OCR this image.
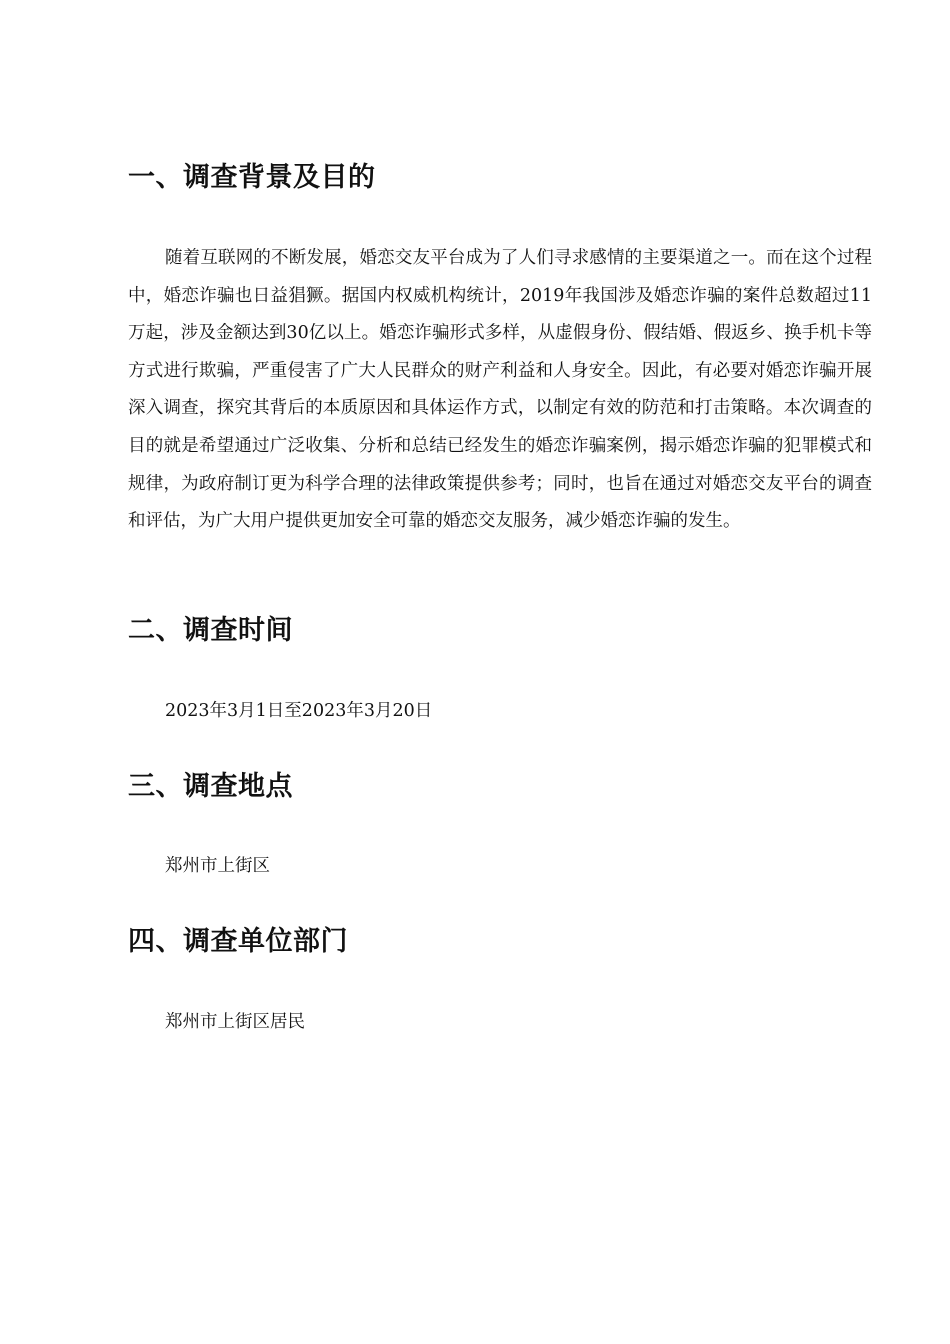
一、调查背景及目的

随着互联网的不断发展，婚恋交友平台成为了人们寻求感情的主要渠道之一。而在这个过程中，婚恋诈骗也日益猖獗。据国内权威机构统计，2019年我国涉及婚恋诈骗的案件总数超过11万起，涉及金额达到30亿以上。婚恋诈骗形式多样，从虚假身份、假结婚、假返乡、换手机卡等方式进行欺骗，严重侵害了广大人民群众的财产利益和人身安全。因此，有必要对婚恋诈骗开展深入调查，探究其背后的本质原因和具体运作方式，以制定有效的防范和打击策略。本次调查的目的就是希望通过广泛收集、分析和总结已经发生的婚恋诈骗案例，揭示婚恋诈骗的犯罪模式和规律，为政府制订更为科学合理的法律政策提供参考；同时，也旨在通过对婚恋交友平台的调查和评估，为广大用户提供更加安全可靠的婚恋交友服务，减少婚恋诈骗的发生。

二、调查时间

2023年3月1日至2023年3月20日

三、调查地点

郑州市上街区

四、调查单位部门

郑州市上街区居民
